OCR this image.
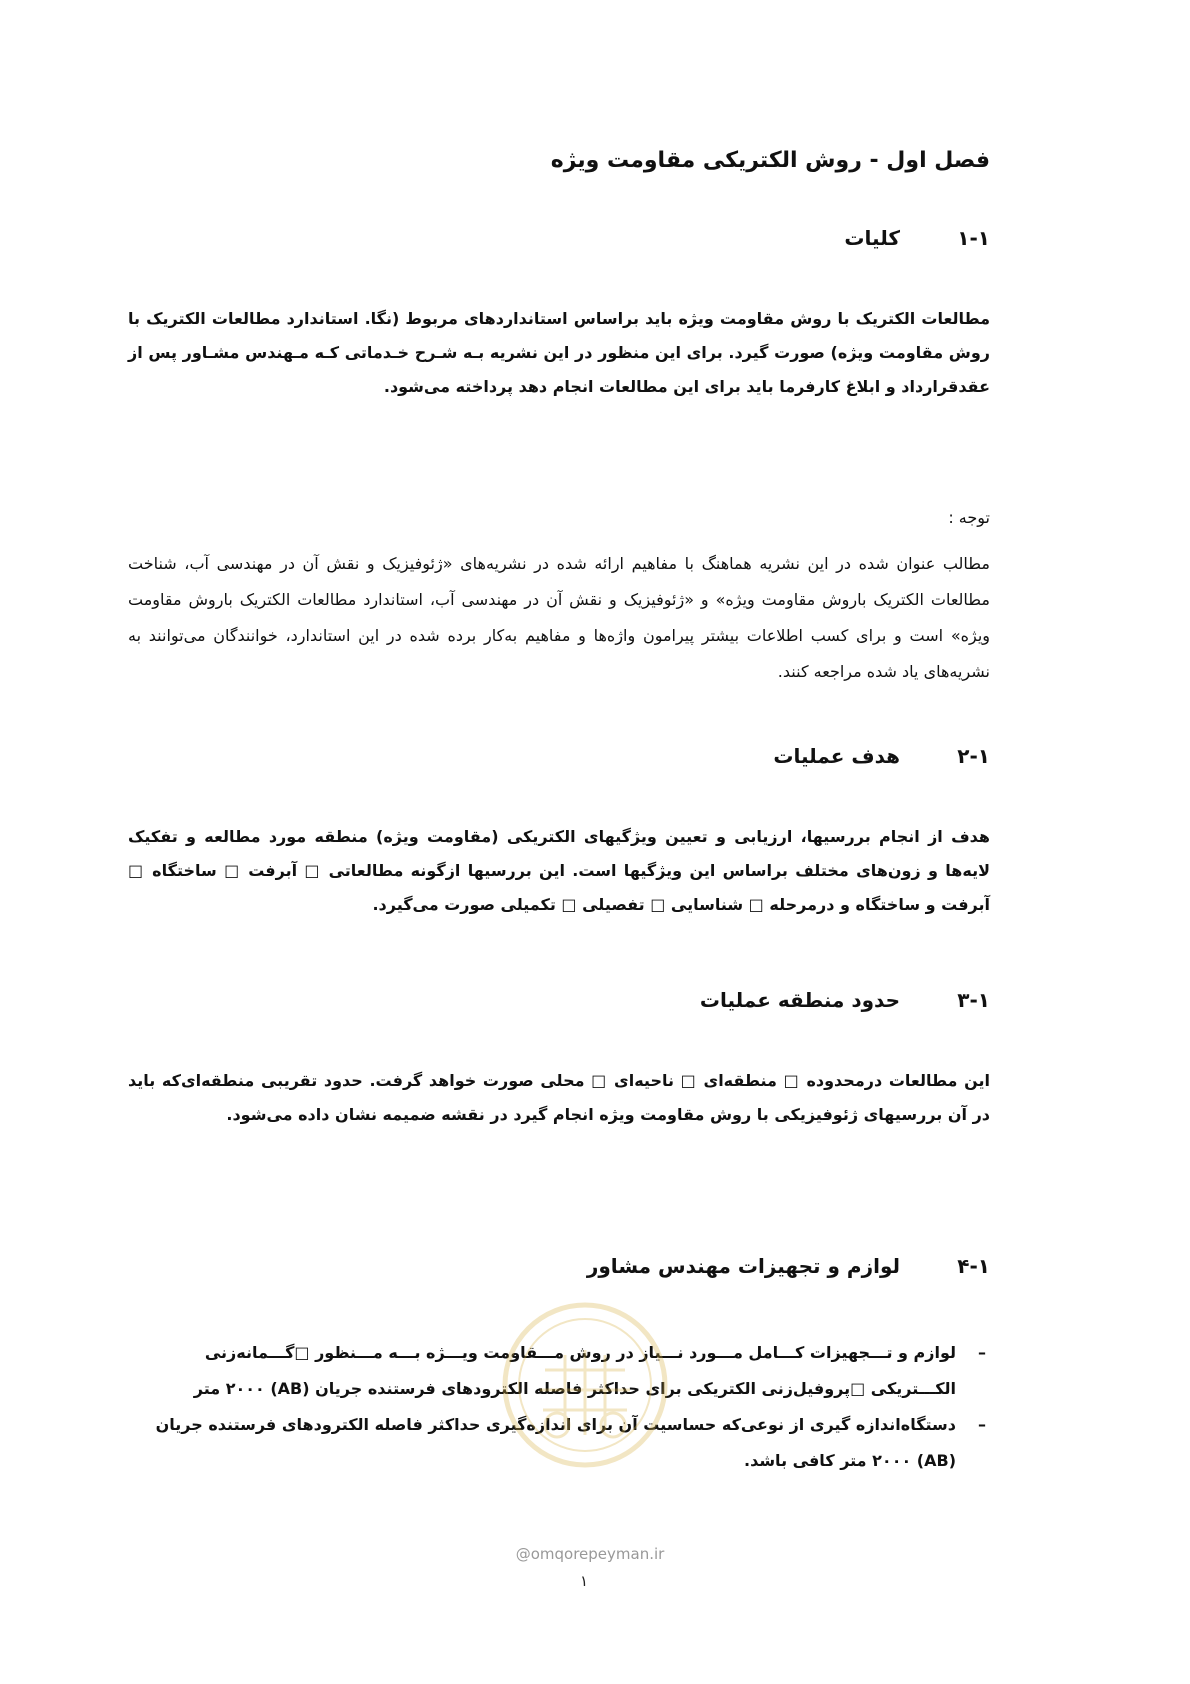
فصل اول - روش الکتریکی مقاومت ویژه
۱-۱کلیات

مطالعات الکتریک با روش مقاومت ویژه باید براساس استانداردهای مربوط (نگا. استاندارد مطالعات الکتریک با روش مقاومت ویژه) صورت گیرد. برای این منظور در این نشریه بـه شـرح خـدماتی کـه مـهندس مشـاور پس از عقدقرارداد و ابلاغ کارفرما باید برای این مطالعات انجام دهد پرداخته می‌شود.

توجه :

مطالب عنوان شده در این نشریه هماهنگ با مفاهیم ارائه شده در نشریه‌های «ژئوفیزیک و نقش آن در مهندسی آب، شناخت مطالعات الکتریک باروش مقاومت ویژه» و «ژئوفیزیک و نقش آن در مهندسی آب، استاندارد مطالعات الکتریک باروش مقاومت ویژه» است و برای کسب اطلاعات بیشتر پیرامون واژه‌ها و مفاهیم به‌کار برده شده در این استاندارد، خوانندگان می‌توانند به نشریه‌های یاد شده مراجعه کنند.

۲-۱هدف عملیات

هدف از انجام بررسیها، ارزیابی و تعیین ویژگیهای الکتریکی (مقاومت ویژه) منطقه مورد مطالعه و تفکیک لایه‌ها و زون‌های مختلف براساس این ویژگیها است. این بررسیها ازگونه مطالعاتی □ آبرفت □ ساختگاه □ آبرفت و ساختگاه و درمرحله □ شناسایی □ تفصیلی □ تکمیلی صورت می‌گیرد.

۳-۱حدود منطقه عملیات

این مطالعات درمحدوده □ منطقه‌ای □ ناحیه‌ای □ محلی صورت خواهد گرفت. حدود تقریبی منطقه‌ای‌که باید در آن بررسیهای ژئوفیزیکی با روش مقاومت ویژه انجام گیرد در نقشه ضمیمه نشان داده می‌شود.

۴-۱لوازم و تجهیزات مهندس مشاور
–
لوازم و تـــجهیزات کـــامل مـــورد نـــیاز در روش مـــقاومت ویـــژه بـــه مـــنظور □گـــمانه‌زنی الکـــتریکی □پروفیل‌زنی الکتریکی برای حداکثر فاصله الکترودهای فرستنده جریان (AB) ۲۰۰۰ متر
–
دستگاه‌اندازه گیری از نوعی‌که حساسیت آن برای اندازه‌گیری حداکثر فاصله الکترودهای فرستنده جریان (AB) ۲۰۰۰ متر کافی باشد.
@omqorepeyman.ir
۱
